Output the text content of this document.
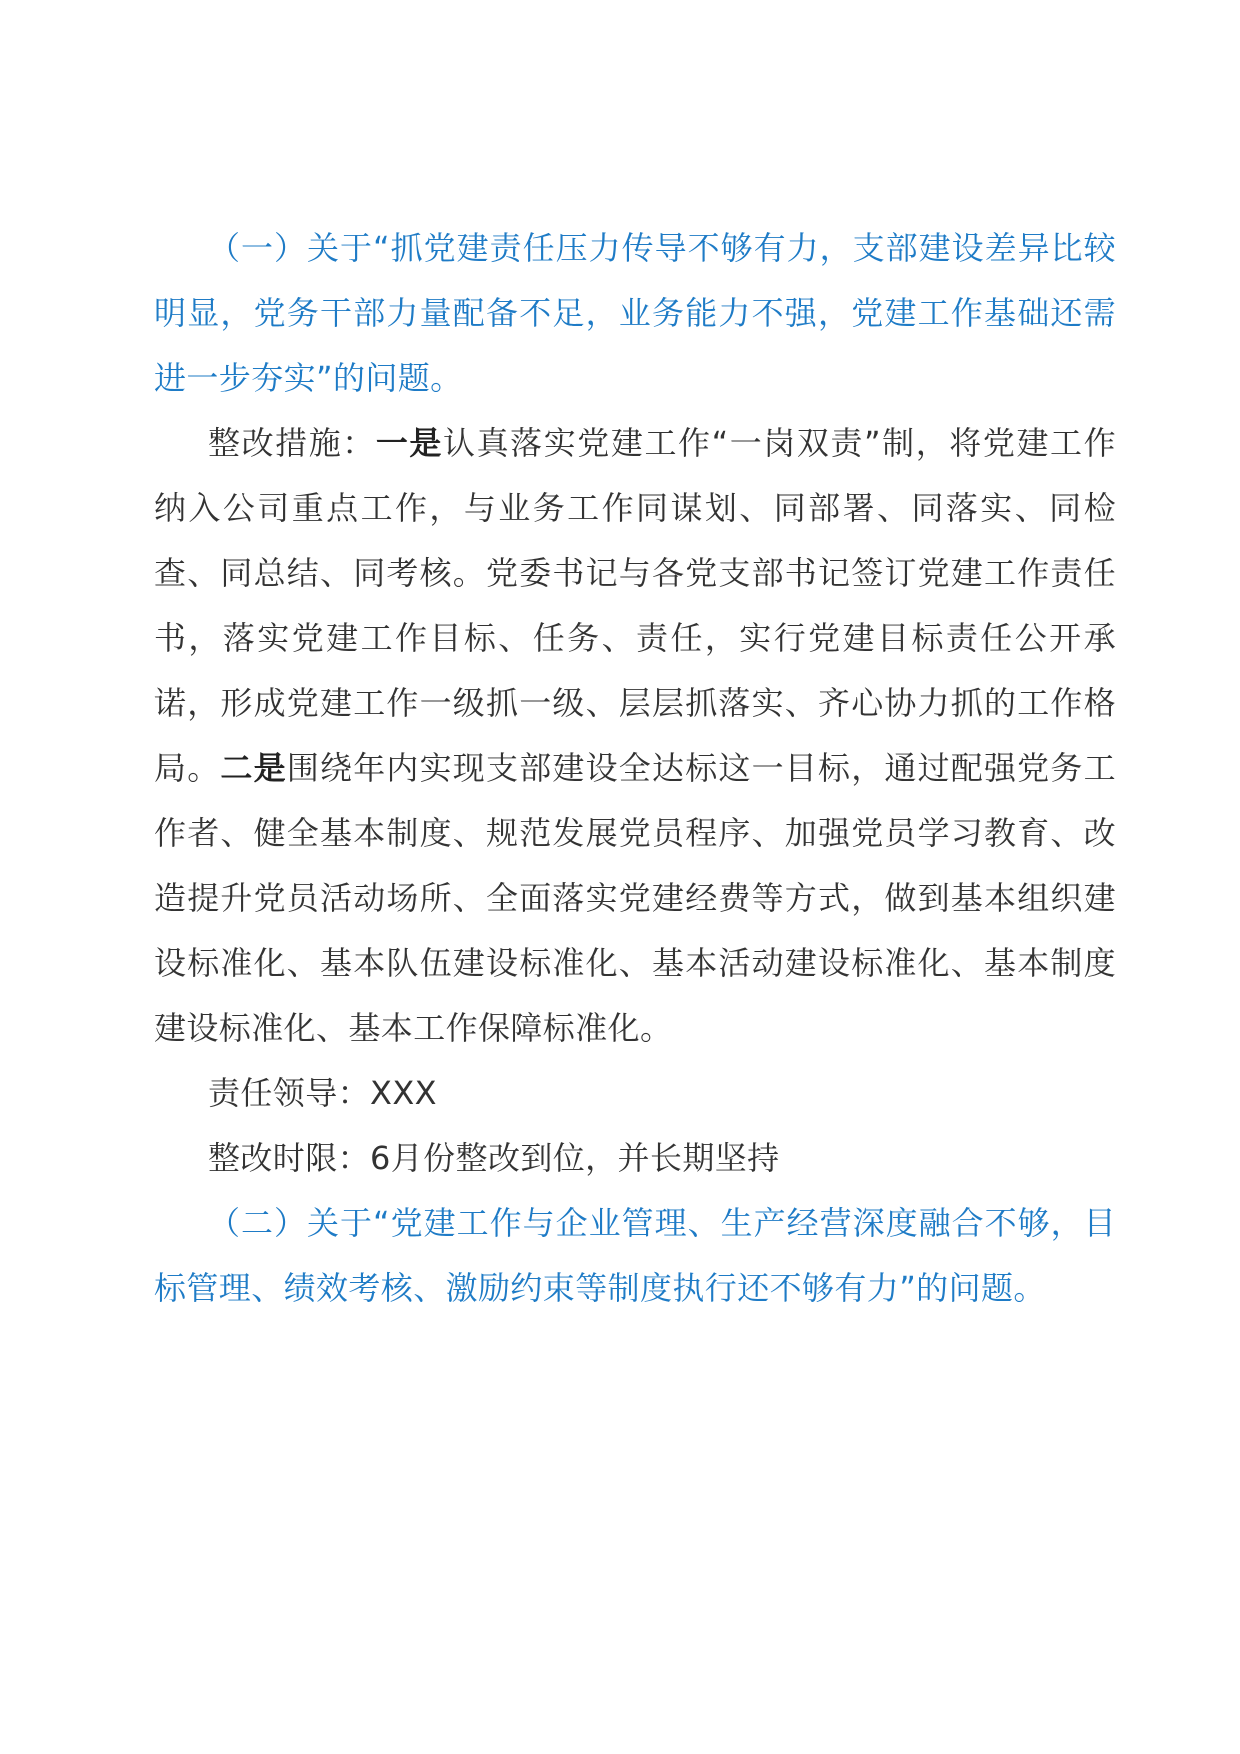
（一）关于“抓党建责任压力传导不够有力，支部建设差异比较明显，党务干部力量配备不足，业务能力不强，党建工作基础还需进一步夯实”的问题。

整改措施：一是认真落实党建工作“一岗双责”制，将党建工作纳入公司重点工作，与业务工作同谋划、同部署、同落实、同检查、同总结、同考核。党委书记与各党支部书记签订党建工作责任书，落实党建工作目标、任务、责任，实行党建目标责任公开承诺，形成党建工作一级抓一级、层层抓落实、齐心协力抓的工作格局。二是围绕年内实现支部建设全达标这一目标，通过配强党务工作者、健全基本制度、规范发展党员程序、加强党员学习教育、改造提升党员活动场所、全面落实党建经费等方式，做到基本组织建设标准化、基本队伍建设标准化、基本活动建设标准化、基本制度建设标准化、基本工作保障标准化。

责任领导：XXX

整改时限：6月份整改到位，并长期坚持

（二）关于“党建工作与企业管理、生产经营深度融合不够，目标管理、绩效考核、激励约束等制度执行还不够有力”的问题。
